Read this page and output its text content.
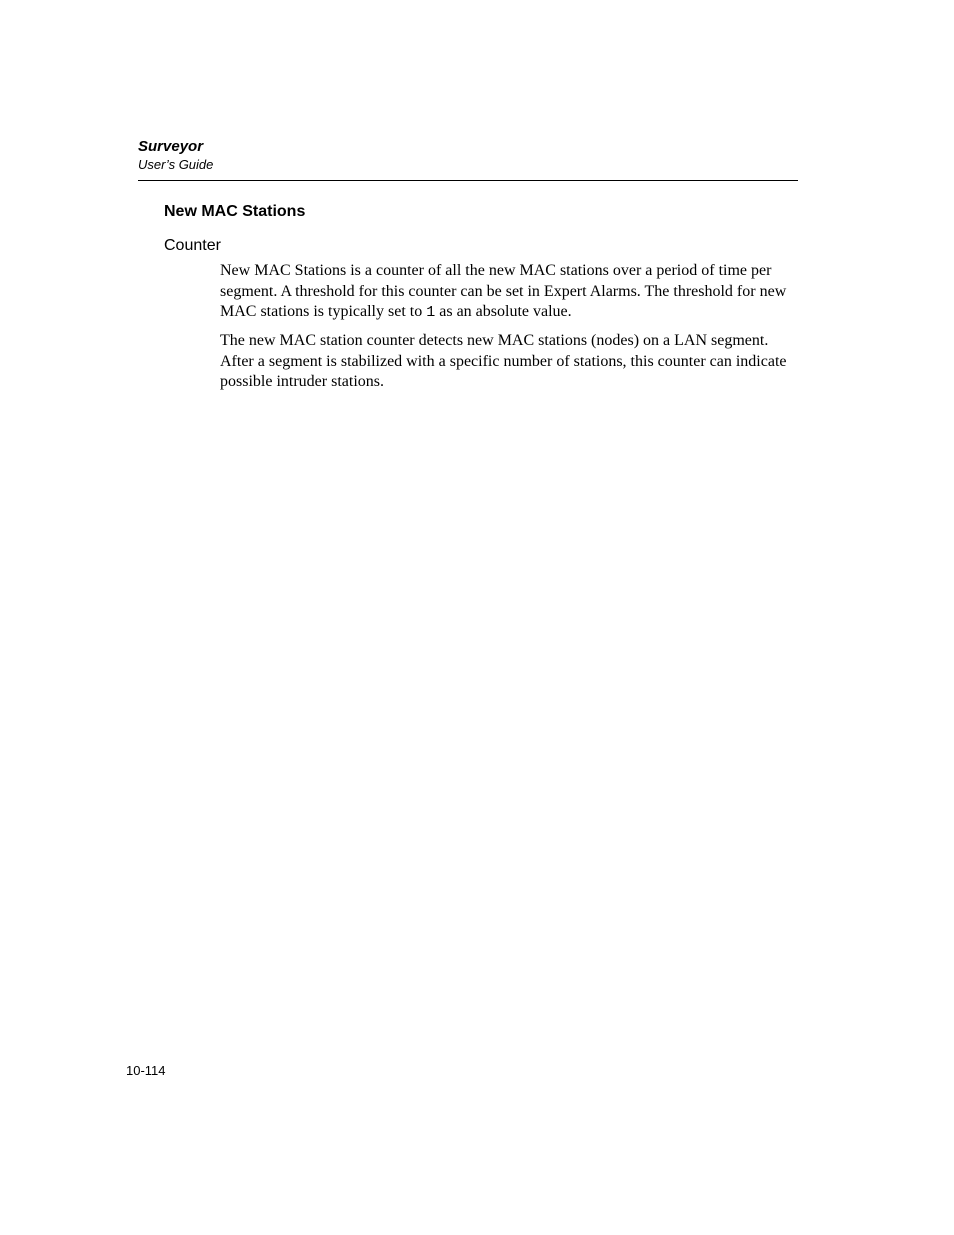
Surveyor
User’s Guide
New MAC Stations
Counter

New MAC Stations is a counter of all the new MAC stations over a period of time per segment. A threshold for this counter can be set in Expert Alarms. The threshold for new MAC stations is typically set to 1 as an absolute value.

The new MAC station counter detects new MAC stations (nodes) on a LAN segment. After a segment is stabilized with a specific number of stations, this counter can indicate possible intruder stations.

10-114
